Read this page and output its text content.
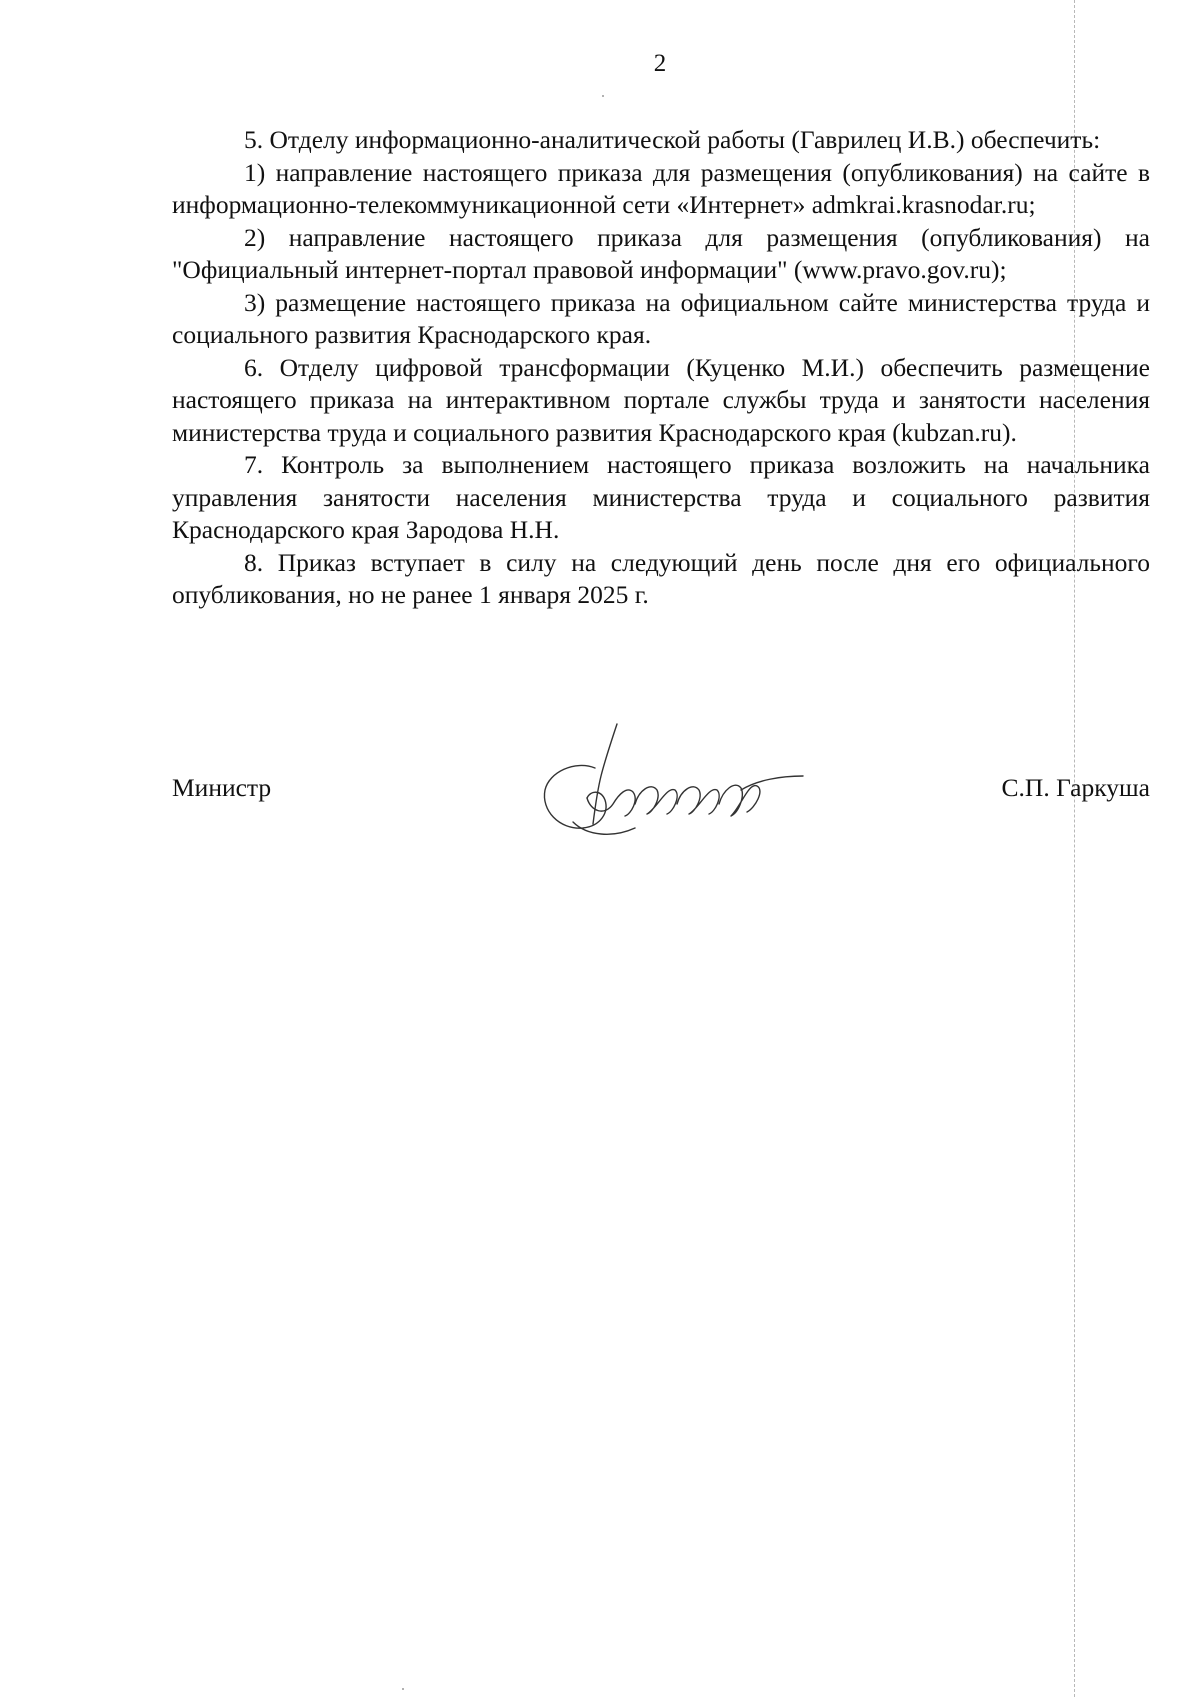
2

5. Отделу информационно-аналитической работы (Гаврилец И.В.) обеспечить:

1) направление настоящего приказа для размещения (опубликования) на сайте в информационно-телекоммуникационной сети «Интернет» admkrai.krasnodar.ru;

2) направление настоящего приказа для размещения (опубликования) на "Официальный интернет-портал правовой информации" (www.pravo.gov.ru);

3) размещение настоящего приказа на официальном сайте министерства труда и социального развития Краснодарского края.

6. Отделу цифровой трансформации (Куценко М.И.) обеспечить размещение настоящего приказа на интерактивном портале службы труда и занятости населения министерства труда и социального развития Краснодарского края (kubzan.ru).

7. Контроль за выполнением настоящего приказа возложить на начальника управления занятости населения министерства труда и социального развития Краснодарского края Зародова Н.Н.

8. Приказ вступает в силу на следующий день после дня его официального опубликования, но не ранее 1 января 2025 г.

Министр	С.П. Гаркуша
